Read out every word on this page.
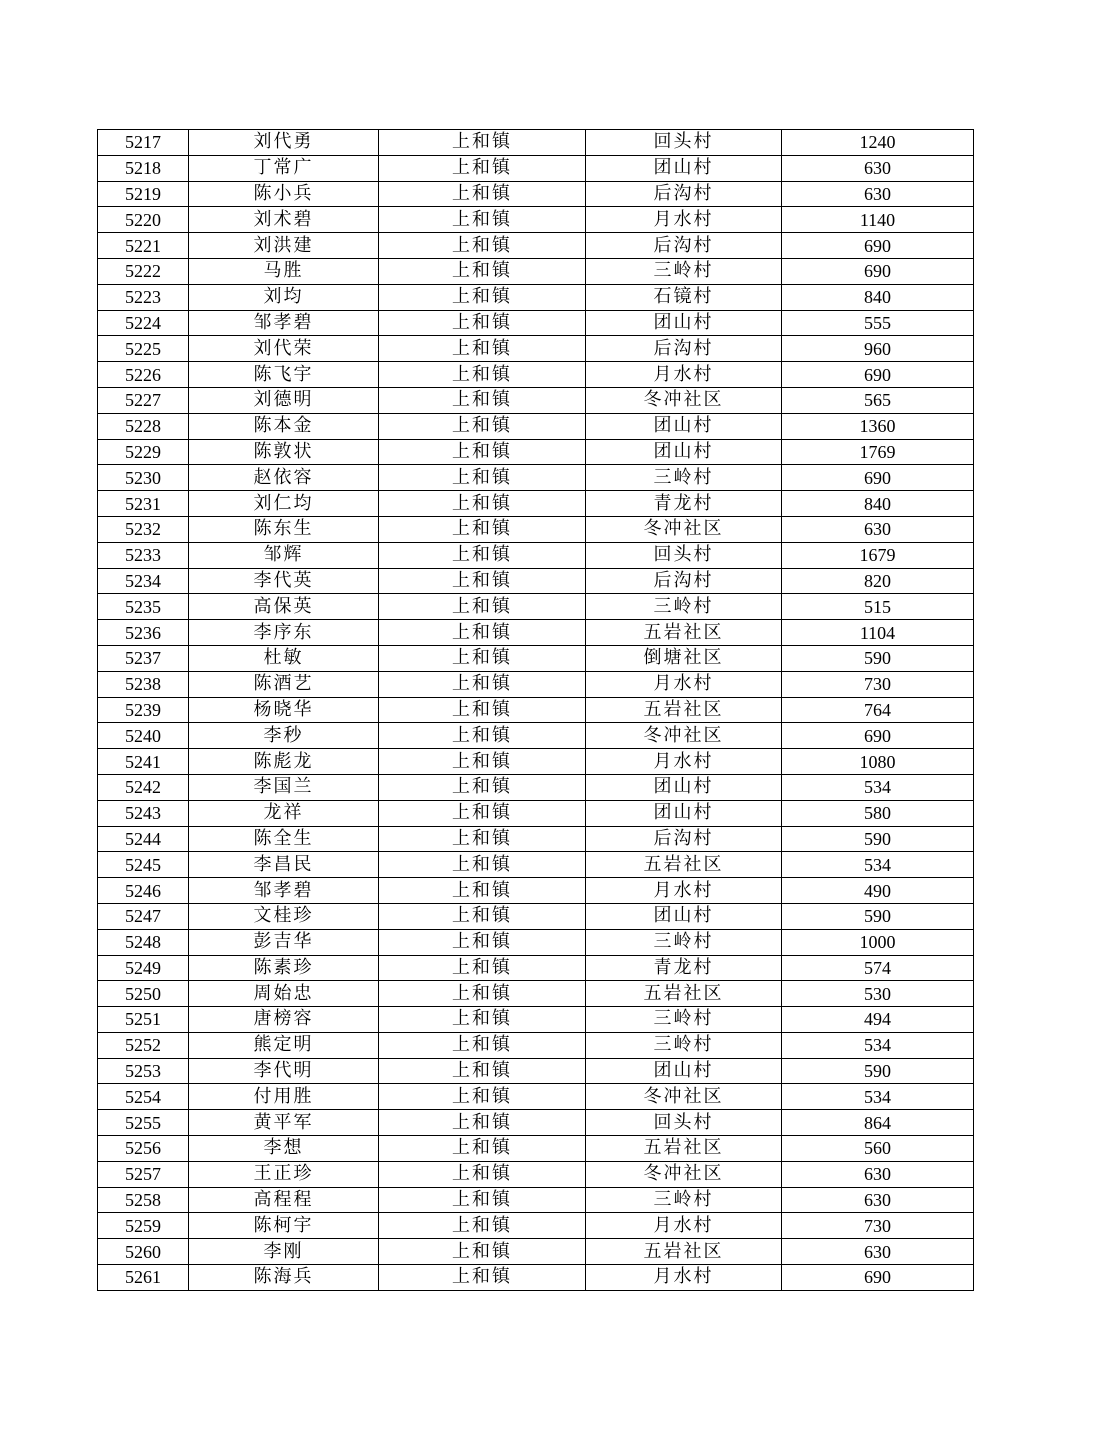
5217	刘代勇	上和镇	回头村	1240
5218	丁常广	上和镇	团山村	630
5219	陈小兵	上和镇	后沟村	630
5220	刘术碧	上和镇	月水村	1140
5221	刘洪建	上和镇	后沟村	690
5222	马胜	上和镇	三岭村	690
5223	刘均	上和镇	石镜村	840
5224	邹孝碧	上和镇	团山村	555
5225	刘代荣	上和镇	后沟村	960
5226	陈飞宇	上和镇	月水村	690
5227	刘德明	上和镇	冬冲社区	565
5228	陈本金	上和镇	团山村	1360
5229	陈敦状	上和镇	团山村	1769
5230	赵依容	上和镇	三岭村	690
5231	刘仁均	上和镇	青龙村	840
5232	陈东生	上和镇	冬冲社区	630
5233	邹辉	上和镇	回头村	1679
5234	李代英	上和镇	后沟村	820
5235	高保英	上和镇	三岭村	515
5236	李序东	上和镇	五岩社区	1104
5237	杜敏	上和镇	倒塘社区	590
5238	陈酒艺	上和镇	月水村	730
5239	杨晓华	上和镇	五岩社区	764
5240	李秒	上和镇	冬冲社区	690
5241	陈彪龙	上和镇	月水村	1080
5242	李国兰	上和镇	团山村	534
5243	龙祥	上和镇	团山村	580
5244	陈全生	上和镇	后沟村	590
5245	李昌民	上和镇	五岩社区	534
5246	邹孝碧	上和镇	月水村	490
5247	文桂珍	上和镇	团山村	590
5248	彭吉华	上和镇	三岭村	1000
5249	陈素珍	上和镇	青龙村	574
5250	周始忠	上和镇	五岩社区	530
5251	唐榜容	上和镇	三岭村	494
5252	熊定明	上和镇	三岭村	534
5253	李代明	上和镇	团山村	590
5254	付用胜	上和镇	冬冲社区	534
5255	黄平军	上和镇	回头村	864
5256	李想	上和镇	五岩社区	560
5257	王正珍	上和镇	冬冲社区	630
5258	高程程	上和镇	三岭村	630
5259	陈柯宇	上和镇	月水村	730
5260	李刚	上和镇	五岩社区	630
5261	陈海兵	上和镇	月水村	690
